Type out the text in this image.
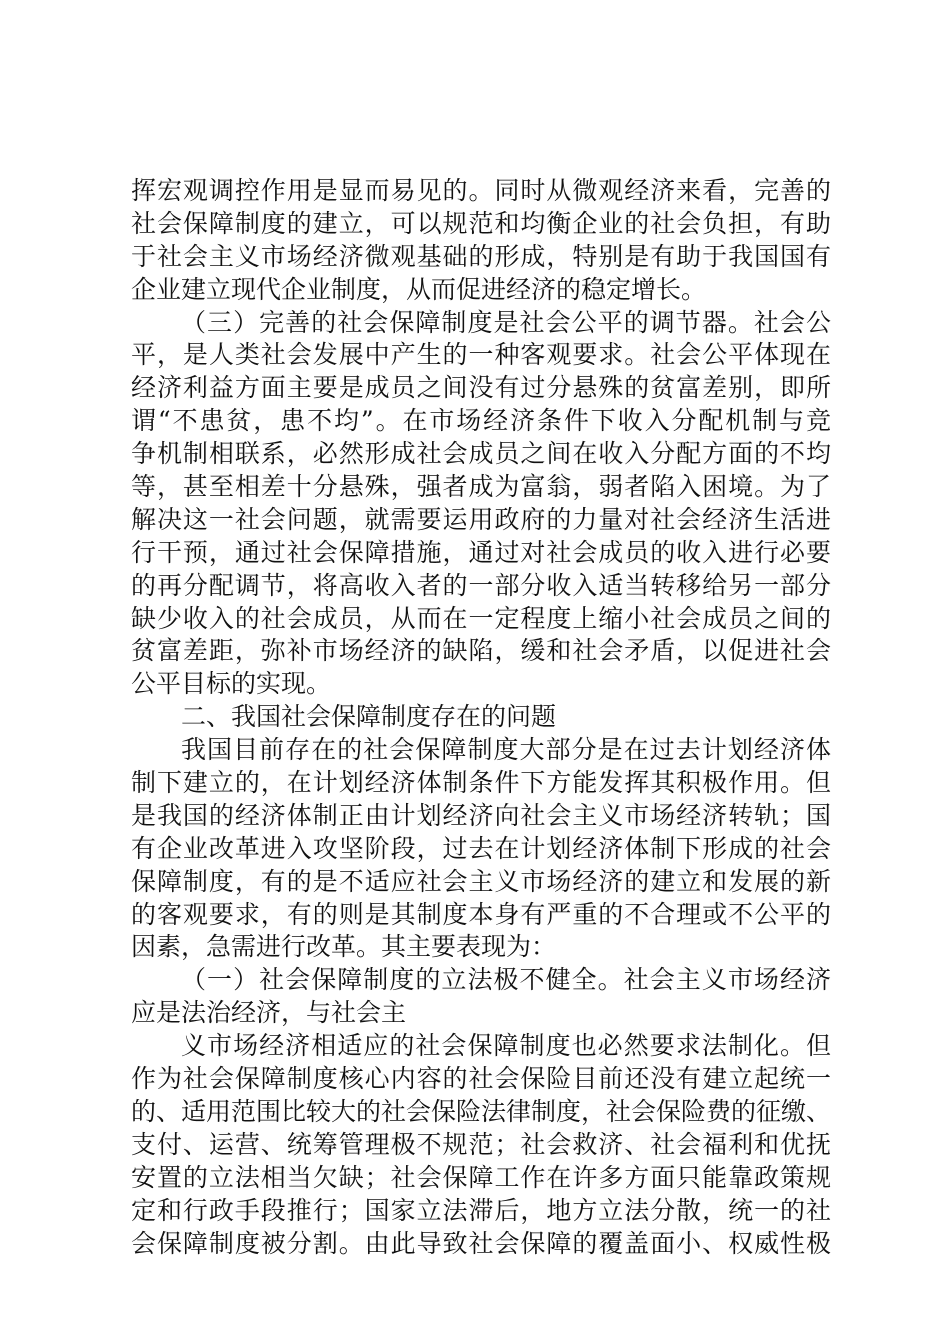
挥宏观调控作用是显而易见的。同时从微观经济来看，完善的
社会保障制度的建立，可以规范和均衡企业的社会负担，有助
于社会主义市场经济微观基础的形成，特别是有助于我国国有
企业建立现代企业制度，从而促进经济的稳定增长。
（三）完善的社会保障制度是社会公平的调节器。社会公
平，是人类社会发展中产生的一种客观要求。社会公平体现在
经济利益方面主要是成员之间没有过分悬殊的贫富差别，即所
谓“不患贫，患不均”。在市场经济条件下收入分配机制与竞
争机制相联系，必然形成社会成员之间在收入分配方面的不均
等，甚至相差十分悬殊，强者成为富翁，弱者陷入困境。为了
解决这一社会问题，就需要运用政府的力量对社会经济生活进
行干预，通过社会保障措施，通过对社会成员的收入进行必要
的再分配调节，将高收入者的一部分收入适当转移给另一部分
缺少收入的社会成员，从而在一定程度上缩小社会成员之间的
贫富差距，弥补市场经济的缺陷，缓和社会矛盾，以促进社会
公平目标的实现。
二、我国社会保障制度存在的问题
我国目前存在的社会保障制度大部分是在过去计划经济体
制下建立的，在计划经济体制条件下方能发挥其积极作用。但
是我国的经济体制正由计划经济向社会主义市场经济转轨；国
有企业改革进入攻坚阶段，过去在计划经济体制下形成的社会
保障制度，有的是不适应社会主义市场经济的建立和发展的新
的客观要求，有的则是其制度本身有严重的不合理或不公平的
因素，急需进行改革。其主要表现为：
（一）社会保障制度的立法极不健全。社会主义市场经济
应是法治经济，与社会主
义市场经济相适应的社会保障制度也必然要求法制化。但
作为社会保障制度核心内容的社会保险目前还没有建立起统一
的、适用范围比较大的社会保险法律制度，社会保险费的征缴、
支付、运营、统筹管理极不规范；社会救济、社会福利和优抚
安置的立法相当欠缺；社会保障工作在许多方面只能靠政策规
定和行政手段推行；国家立法滞后，地方立法分散，统一的社
会保障制度被分割。由此导致社会保障的覆盖面小、权威性极
